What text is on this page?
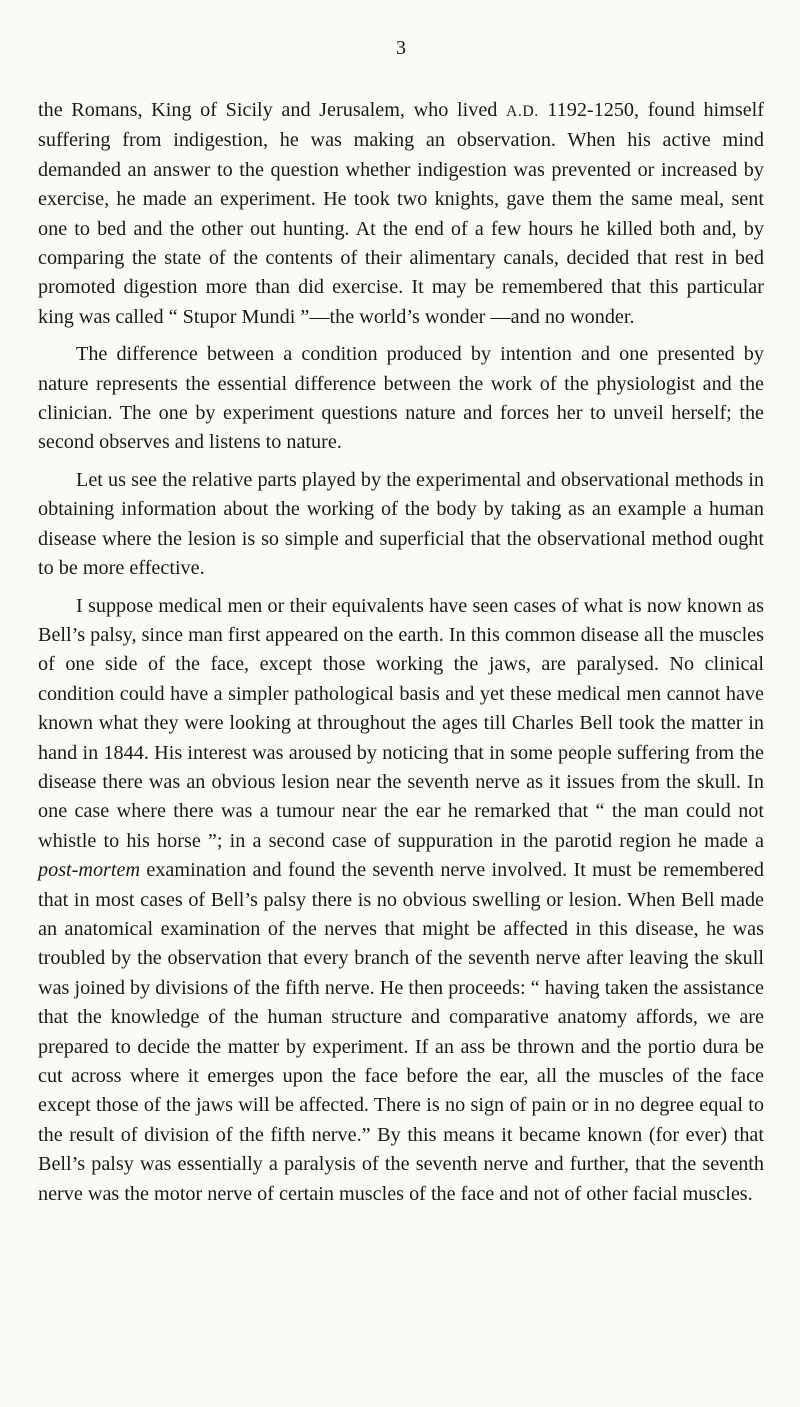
3

the Romans, King of Sicily and Jerusalem, who lived A.D. 1192-1250, found himself suffering from indigestion, he was making an observation. When his active mind demanded an answer to the question whether indigestion was prevented or increased by exercise, he made an experiment. He took two knights, gave them the same meal, sent one to bed and the other out hunting. At the end of a few hours he killed both and, by comparing the state of the contents of their alimentary canals, decided that rest in bed promoted digestion more than did exercise. It may be remembered that this particular king was called “ Stupor Mundi ”—the world’s wonder —and no wonder.

The difference between a condition produced by intention and one presented by nature represents the essential difference between the work of the physiologist and the clinician. The one by experiment questions nature and forces her to unveil herself; the second observes and listens to nature.

Let us see the relative parts played by the experimental and observational methods in obtaining information about the working of the body by taking as an example a human disease where the lesion is so simple and superficial that the observational method ought to be more effective.

I suppose medical men or their equivalents have seen cases of what is now known as Bell’s palsy, since man first appeared on the earth. In this common disease all the muscles of one side of the face, except those working the jaws, are paralysed. No clinical condition could have a simpler pathological basis and yet these medical men cannot have known what they were looking at throughout the ages till Charles Bell took the matter in hand in 1844. His interest was aroused by noticing that in some people suffering from the disease there was an obvious lesion near the seventh nerve as it issues from the skull. In one case where there was a tumour near the ear he remarked that “ the man could not whistle to his horse ”; in a second case of suppuration in the parotid region he made a post-mortem examination and found the seventh nerve involved. It must be remembered that in most cases of Bell’s palsy there is no obvious swelling or lesion. When Bell made an anatomical examination of the nerves that might be affected in this disease, he was troubled by the observation that every branch of the seventh nerve after leaving the skull was joined by divisions of the fifth nerve. He then proceeds: “ having taken the assistance that the knowledge of the human structure and comparative anatomy affords, we are prepared to decide the matter by experiment. If an ass be thrown and the portio dura be cut across where it emerges upon the face before the ear, all the muscles of the face except those of the jaws will be affected. There is no sign of pain or in no degree equal to the result of division of the fifth nerve.” By this means it became known (for ever) that Bell’s palsy was essentially a paralysis of the seventh nerve and further, that the seventh nerve was the motor nerve of certain muscles of the face and not of other facial muscles.
